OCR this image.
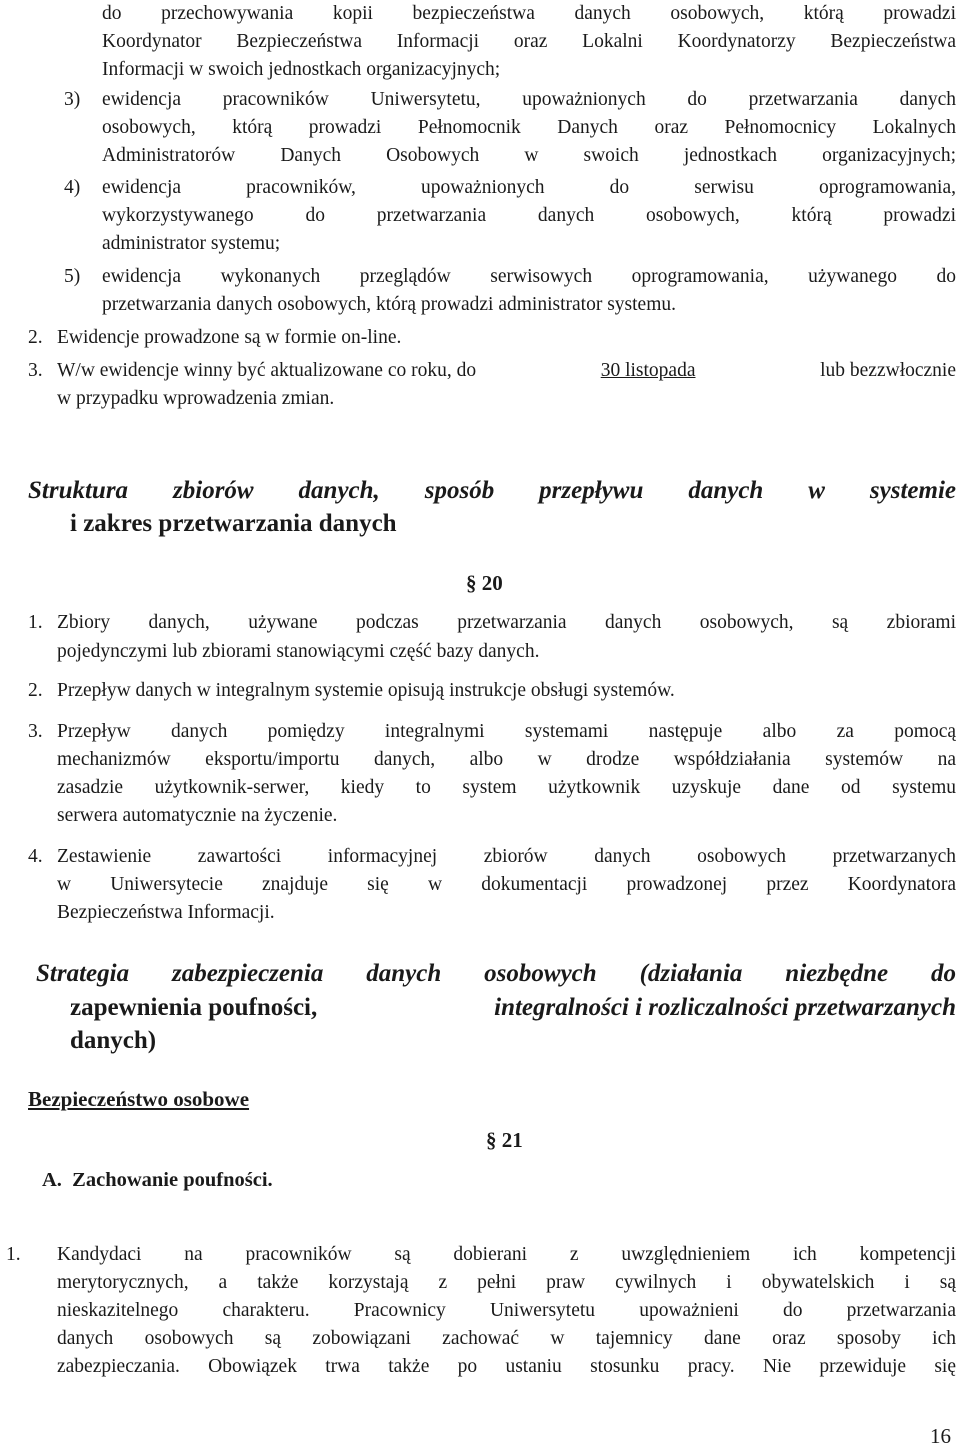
do przechowywania kopii bezpieczeństwa danych osobowych, którą prowadzi
Koordynator Bezpieczeństwa Informacji oraz Lokalni Koordynatorzy Bezpieczeństwa
Informacji w swoich jednostkach organizacyjnych;
3) ewidencja pracowników Uniwersytetu, upoważnionych do przetwarzania danych
osobowych, którą prowadzi Pełnomocnik Danych oraz Pełnomocnicy Lokalnych
Administratorów Danych Osobowych w swoich jednostkach organizacyjnych;
4) ewidencja pracowników, upoważnionych do serwisu oprogramowania,
wykorzystywanego do przetwarzania danych osobowych, którą prowadzi
administrator systemu;
5) ewidencja wykonanych przeglądów serwisowych oprogramowania, używanego do
przetwarzania danych osobowych, którą prowadzi administrator systemu.
2. Ewidencje prowadzone są w formie on-line.
3. W/w ewidencje winny być aktualizowane co roku, do	30 listopada	lub bezzwłocznie
w przypadku wprowadzenia zmian.
Struktura zbiorów danych, sposób przepływu danych w systemie
i zakres przetwarzania danych
§ 20
1. Zbiory danych, używane podczas przetwarzania danych osobowych, są zbiorami
pojedynczymi lub zbiorami stanowiącymi część bazy danych.
2. Przepływ danych w integralnym systemie opisują instrukcje obsługi systemów.
3. Przepływ danych pomiędzy integralnymi systemami następuje albo za pomocą
mechanizmów eksportu/importu danych, albo w drodze współdziałania systemów na
zasadzie użytkownik-serwer, kiedy to system użytkownik uzyskuje dane od systemu
serwera automatycznie na życzenie.
4. Zestawienie zawartości informacyjnej zbiorów danych osobowych przetwarzanych
w Uniwersytecie znajduje się w dokumentacji prowadzonej przez Koordynatora
Bezpieczeństwa Informacji.
Strategia zabezpieczenia danych osobowych (działania niezbędne do
zapewnienia poufności,	integralności i rozliczalności przetwarzanych
danych)
Bezpieczeństwo osobowe
§ 21
A.  Zachowanie poufności.
1. Kandydaci na pracowników są dobierani z uwzględnieniem ich kompetencji
merytorycznych, a także korzystają z pełni praw cywilnych i obywatelskich i są
nieskazitelnego charakteru. Pracownicy Uniwersytetu upoważnieni do przetwarzania
danych osobowych są zobowiązani zachować w tajemnicy dane oraz sposoby ich
zabezpieczania. Obowiązek trwa także po ustaniu stosunku pracy. Nie przewiduje się
16
